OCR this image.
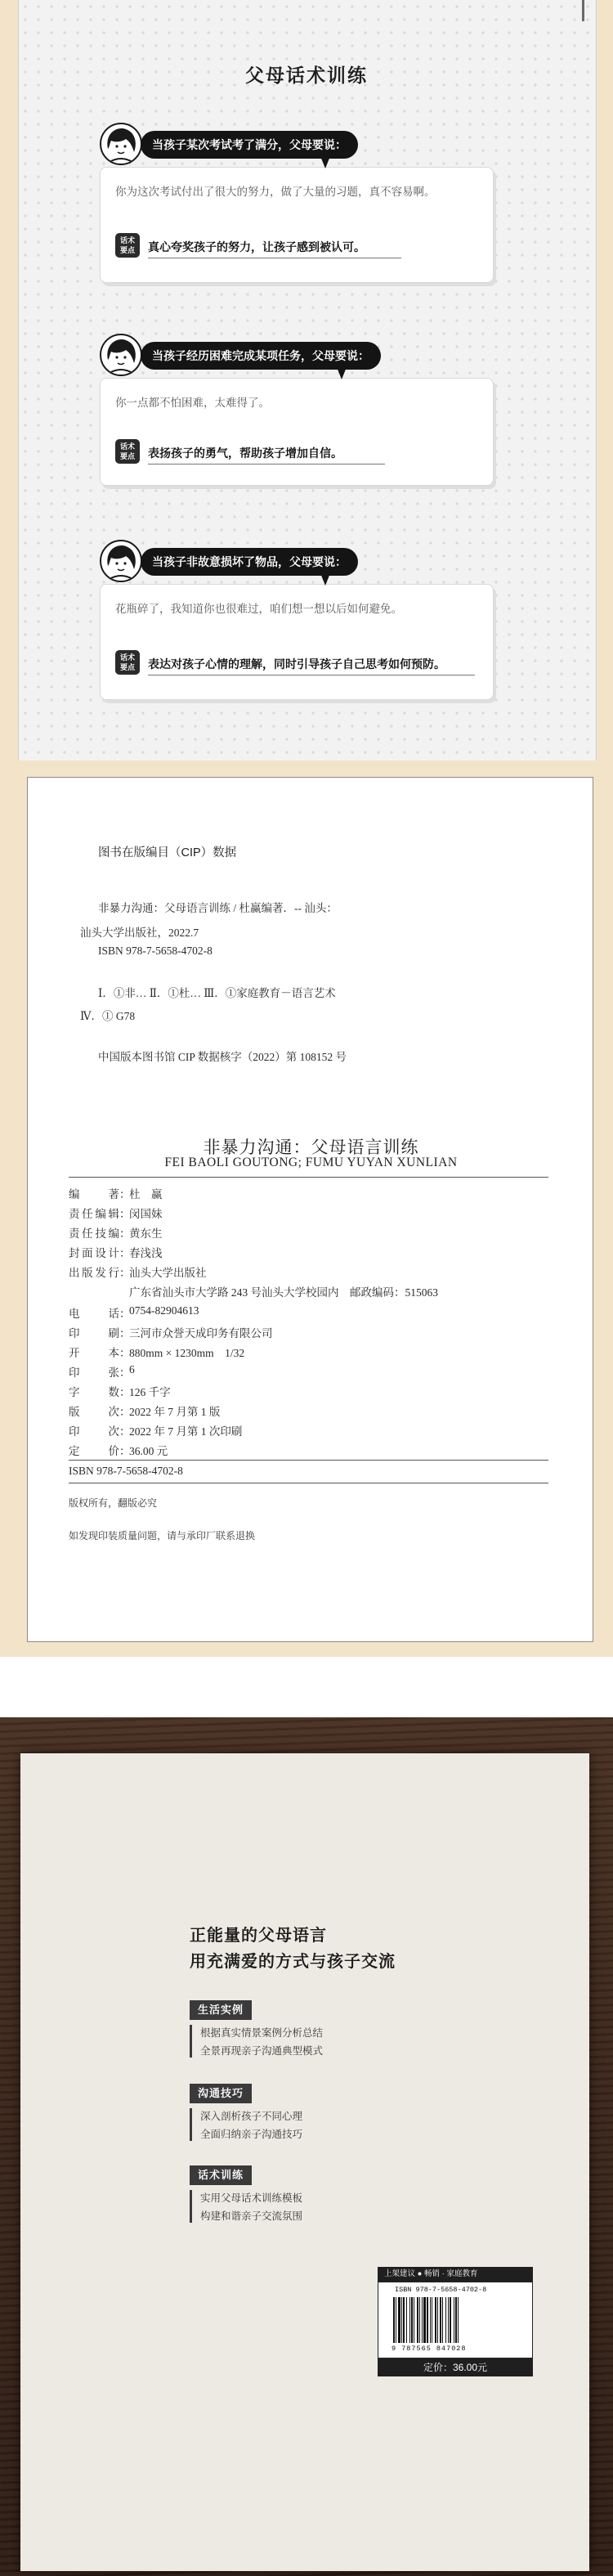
父母话术训练
你为这次考试付出了很大的努力，做了大量的习题，真不容易啊。
话术
要点	真心夸奖孩子的努力，让孩子感到被认可。
当孩子某次考试考了满分，父母要说：
你一点都不怕困难，太难得了。
话术
要点	表扬孩子的勇气，帮助孩子增加自信。
当孩子经历困难完成某项任务，父母要说：
花瓶碎了，我知道你也很难过，咱们想一想以后如何避免。
话术
要点	表达对孩子心情的理解，同时引导孩子自己思考如何预防。
当孩子非故意损坏了物品，父母要说：
图书在版编目（CIP）数据
非暴力沟通：父母语言训练 / 杜赢编著．-- 汕头：
汕头大学出版社，2022.7
ISBN 978-7-5658-4702-8
Ⅰ．①非… Ⅱ．①杜… Ⅲ．①家庭教育－语言艺术
Ⅳ．① G78
中国版本图书馆 CIP 数据核字（2022）第 108152 号
非暴力沟通：父母语言训练
FEI BAOLI GOUTONG; FUMU YUYAN XUNLIAN
编著 ：
杜　赢
责任编辑 ：
闵国妹
责任技编 ：
黄东生
封面设计 ：
春浅浅
出版发行 ：
汕头大学出版社
广东省汕头市大学路 243 号汕头大学校园内　邮政编码：515063
电话 ：
0754-82904613
印刷 ：
三河市众誉天成印务有限公司
开本 ：
880mm × 1230mm　1/32
印张 ：
6
字数 ：
126 千字
版次 ：
2022 年 7 月第 1 版
印次 ：
2022 年 7 月第 1 次印刷
定价 ：
36.00 元
ISBN 978-7-5658-4702-8
版权所有，翻版必究
如发现印装质量问题，请与承印厂联系退换
正能量的父母语言
用充满爱的方式与孩子交流
生活实例
根据真实情景案例分析总结
全景再现亲子沟通典型模式
沟通技巧
深入剖析孩子不同心理
全面归纳亲子沟通技巧
话术训练
实用父母话术训练模板
构建和谐亲子交流氛围
上架建议 ● 畅销 · 家庭教育
ISBN 978-7-5658-4702-8
9 787565 847028
定价：36.00元
